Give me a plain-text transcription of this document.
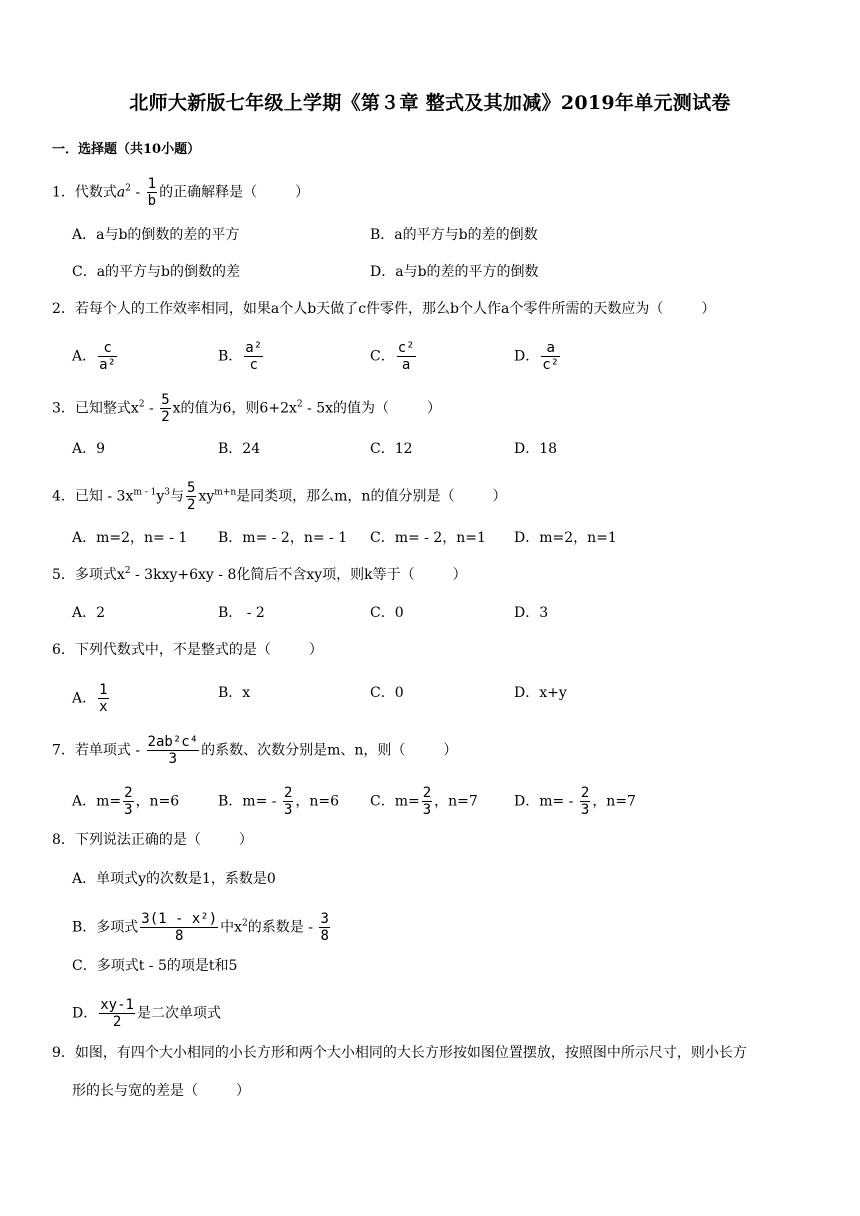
北师大新版七年级上学期《第３章 整式及其加减》2019年单元测试卷
一．选择题（共10小题）
1．代数式$a^2 - \frac{1}{b}$ 的正确解释是（	）
A．a与b的倒数的差的平方	B．a的平方与b的差的倒数
C．a的平方与b的倒数的差	D．a与b的差的平方的倒数
2．若每个人的工作效率相同，如果a个人b天做了c件零件，那么b个人作a个零件所需的天数应为（	）
A． $\frac{c}{\text{a²}}$	B． $\frac{\text{a²}}{c}$	C． $\frac{\text{c²}}{a}$	D． $\frac{a}{\text{c²}}$
3．已知整式$x^2 - \frac{5}{2}$ x的值为6，则$6+2x^2 - 5x$的值为（	）
A．9	B．24	C．12	D．18
4．已知 - $3x^{m - 1}y^3$与 $\frac{5}{2} xy^{m+n}$是同类项，那么m，n的值分别是（	）
A．m=2，n= - 1 B．m= - 2，n= - 1 C．m= - 2，n=1 D．m=2，n=1
5．多项式$x^2 - 3kxy+6xy - 8$化简后不含xy项，则k等于（	）
A．2	B． - 2	C．0	D．3
6．下列代数式中，不是整式的是（	）
A． $\frac{1}{x}$	B．x	C．0	D．x+y
7．若单项式 - $\frac{\text{2ab²c⁴}}{3}$ 的系数、次数分别是m、n，则（	）
A．$m= \frac{2}{3}$ ，n=6	B．$m= - \frac{2}{3}$ ，n=6 C．$m= \frac{2}{3}$ ，n=7	D．$m= - \frac{2}{3}$ ，n=7
8．下列说法正确的是（	）
A．单项式y的次数是1，系数是0
B．多项式 $\frac{\text{3(1 - x²)}}{8}$ 中$x^2$的系数是 - $\frac{3}{8}$
C．多项式t - 5的项是t和5
D． $\frac{xy-1}{2}$ 是二次单项式
9．如图，有四个大小相同的小长方形和两个大小相同的大长方形按如图位置摆放，按照图中所示尺寸，则小长方
形的长与宽的差是（	）
